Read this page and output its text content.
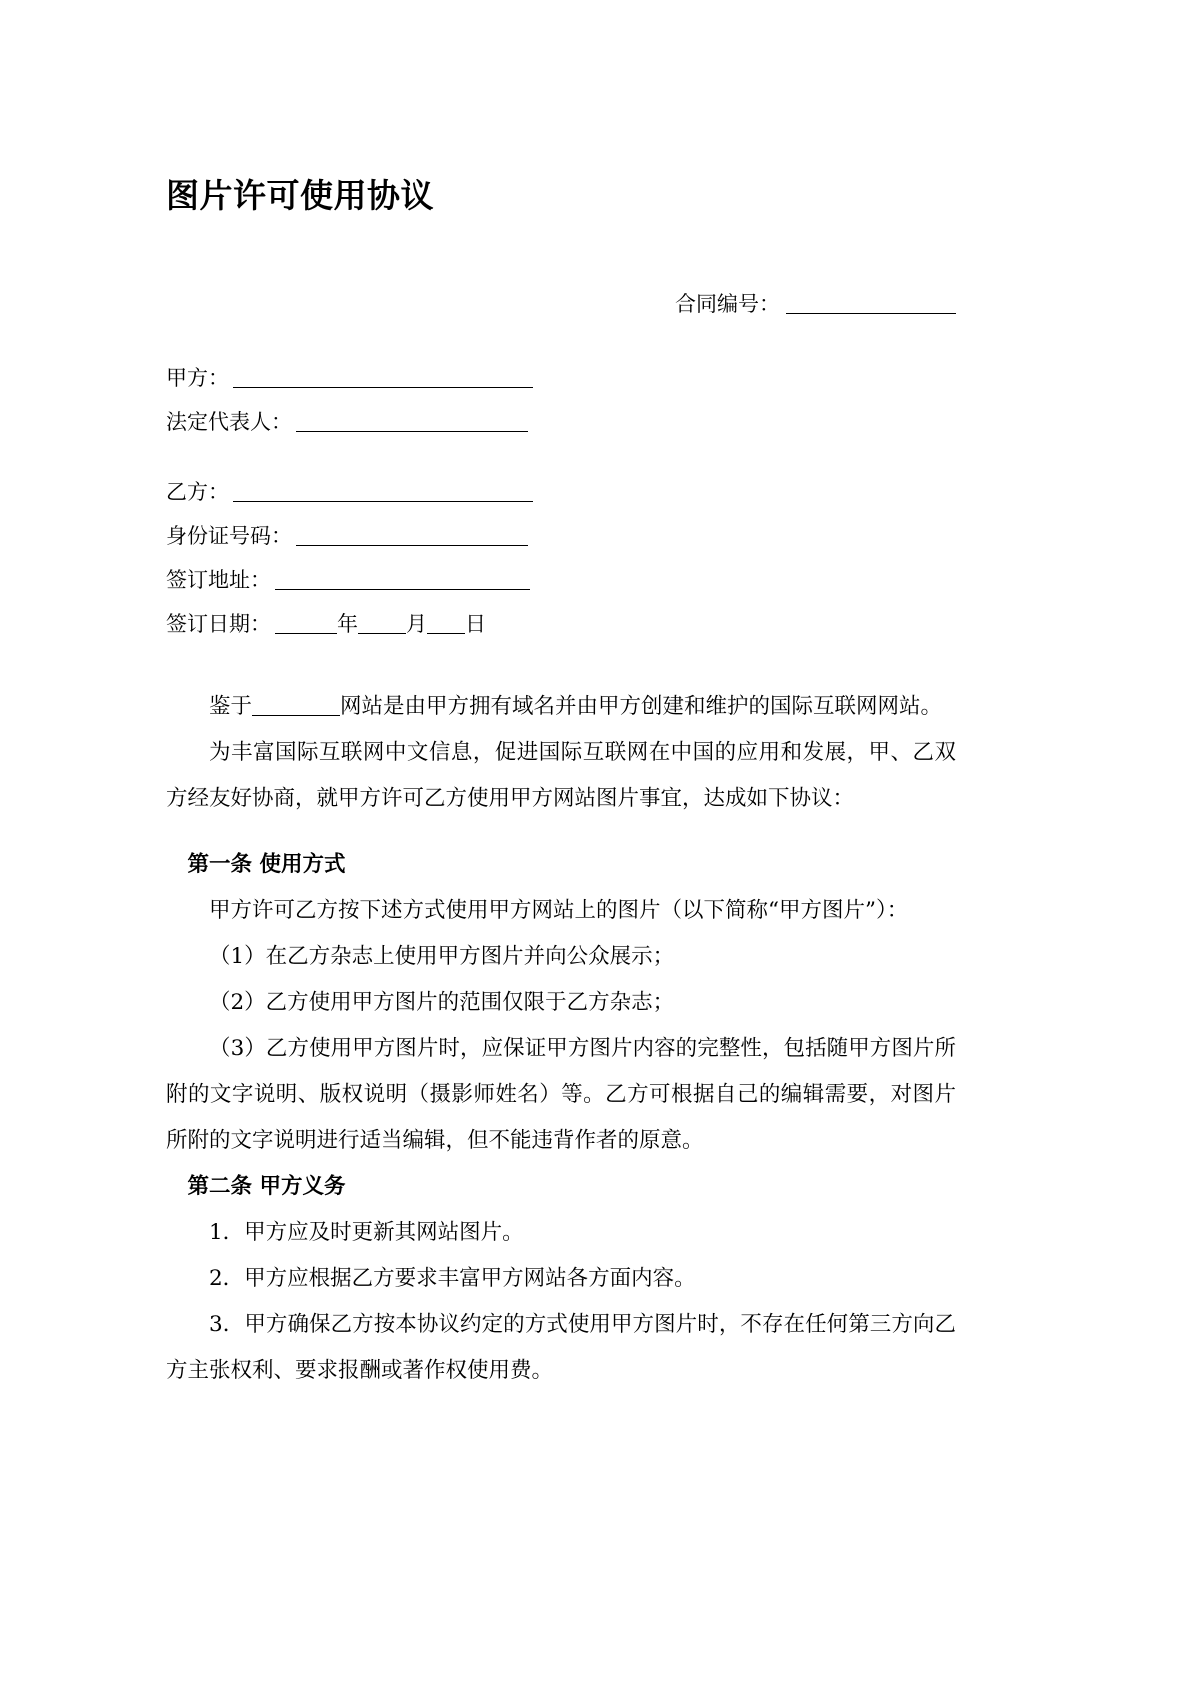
图片许可使用协议
合同编号：
甲方：
法定代表人：
乙方：
身份证号码：
签订地址：
签订日期：	年 月 日

鉴于	网站是由甲方拥有域名并由甲方创建和维护的国际互联网网站。

为丰富国际互联网中文信息，促进国际互联网在中国的应用和发展，甲、乙双方经友好协商，就甲方许可乙方使用甲方网站图片事宜，达成如下协议：

第一条 使用方式

甲方许可乙方按下述方式使用甲方网站上的图片（以下简称“甲方图片”）：

（1）在乙方杂志上使用甲方图片并向公众展示；

（2）乙方使用甲方图片的范围仅限于乙方杂志；

（3）乙方使用甲方图片时，应保证甲方图片内容的完整性，包括随甲方图片所附的文字说明、版权说明（摄影师姓名）等。乙方可根据自己的编辑需要，对图片所附的文字说明进行适当编辑，但不能违背作者的原意。

第二条 甲方义务

1．甲方应及时更新其网站图片。

2．甲方应根据乙方要求丰富甲方网站各方面内容。

3．甲方确保乙方按本协议约定的方式使用甲方图片时，不存在任何第三方向乙方主张权利、要求报酬或著作权使用费。
